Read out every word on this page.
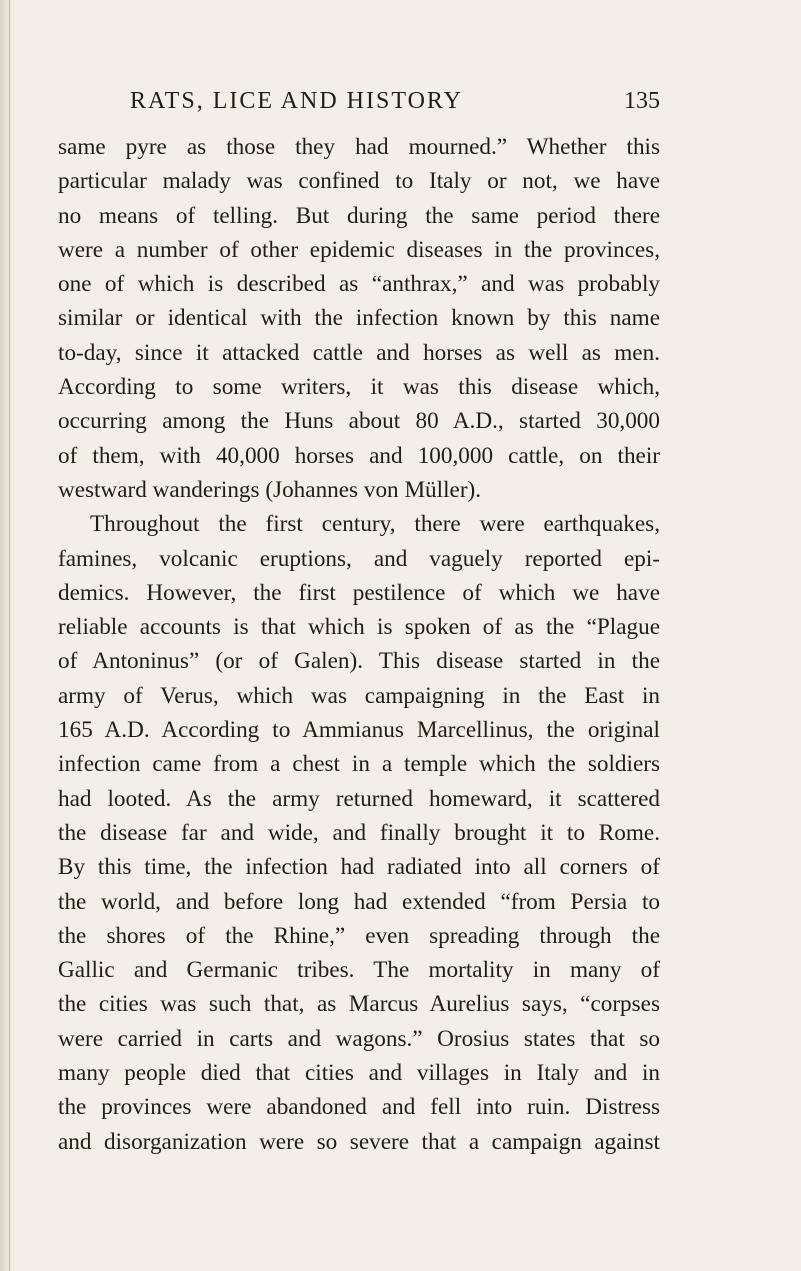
RATS, LICE AND HISTORY	135
same pyre as those they had mourned.” Whether this
particular malady was confined to Italy or not, we have
no means of telling. But during the same period there
were a number of other epidemic diseases in the provinces,
one of which is described as “anthrax,” and was probably
similar or identical with the infection known by this name
to-day, since it attacked cattle and horses as well as men.
According to some writers, it was this disease which,
occurring among the Huns about 80 A.D., started 30,000
of them, with 40,000 horses and 100,000 cattle, on their
westward wanderings (Johannes von Müller).
Throughout the first century, there were earthquakes,
famines, volcanic eruptions, and vaguely reported epi-
demics. However, the first pestilence of which we have
reliable accounts is that which is spoken of as the “Plague
of Antoninus” (or of Galen). This disease started in the
army of Verus, which was campaigning in the East in
165 A.D. According to Ammianus Marcellinus, the original
infection came from a chest in a temple which the soldiers
had looted. As the army returned homeward, it scattered
the disease far and wide, and finally brought it to Rome.
By this time, the infection had radiated into all corners of
the world, and before long had extended “from Persia to
the shores of the Rhine,” even spreading through the
Gallic and Germanic tribes. The mortality in many of
the cities was such that, as Marcus Aurelius says, “corpses
were carried in carts and wagons.” Orosius states that so
many people died that cities and villages in Italy and in
the provinces were abandoned and fell into ruin. Distress
and disorganization were so severe that a campaign against
